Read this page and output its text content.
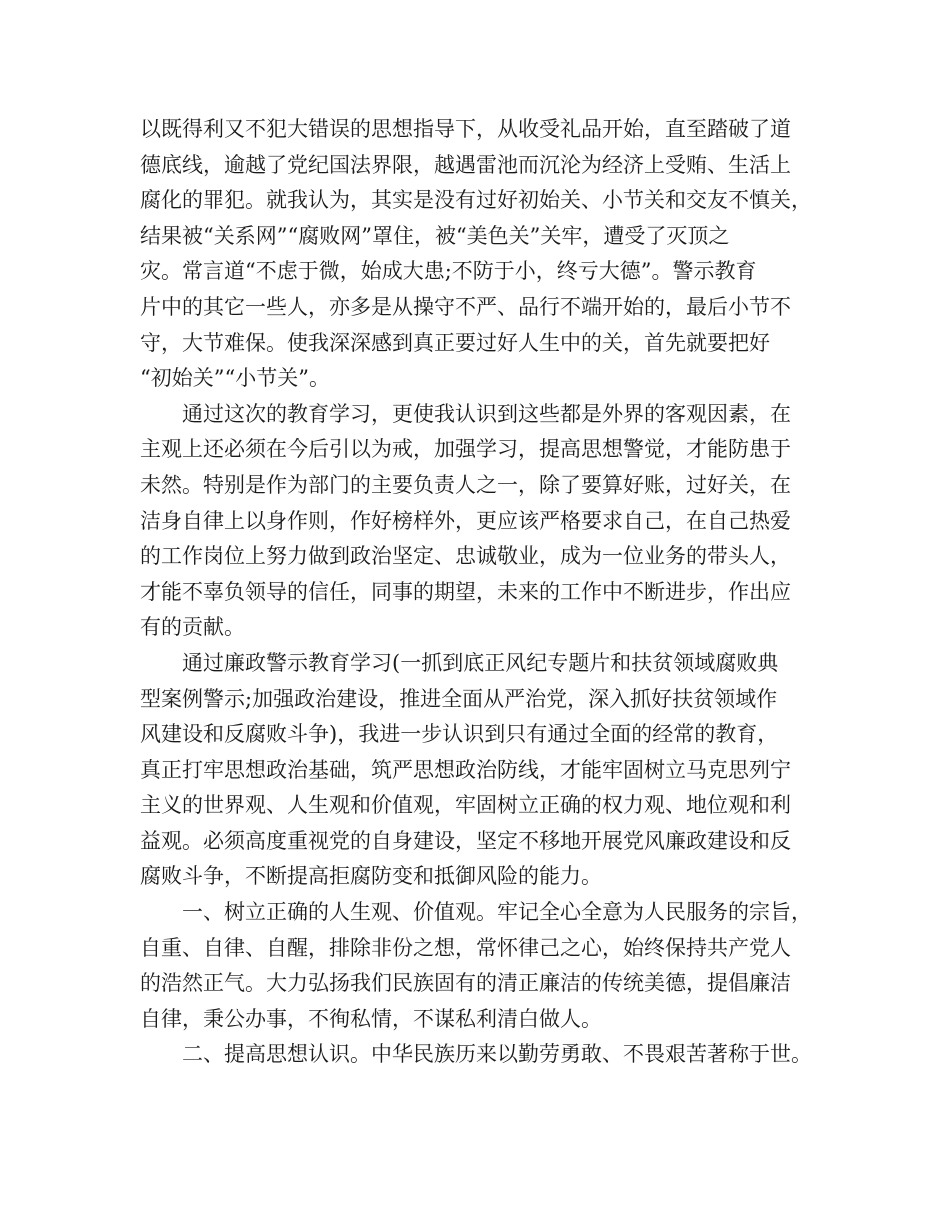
以既得利又不犯大错误的思想指导下，从收受礼品开始，直至踏破了道
德底线，逾越了党纪国法界限，越遇雷池而沉沦为经济上受贿、生活上
腐化的罪犯。就我认为，其实是没有过好初始关、小节关和交友不慎关，
结果被“关系网”“腐败网”罩住，被“美色关”关牢，遭受了灭顶之
灾。常言道“不虑于微，始成大患;不防于小，终亏大德”。警示教育
片中的其它一些人，亦多是从操守不严、品行不端开始的，最后小节不
守，大节难保。使我深深感到真正要过好人生中的关，首先就要把好
“初始关”“小节关”。
　　通过这次的教育学习，更使我认识到这些都是外界的客观因素，在
主观上还必须在今后引以为戒，加强学习，提高思想警觉，才能防患于
未然。特别是作为部门的主要负责人之一，除了要算好账，过好关，在
洁身自律上以身作则，作好榜样外，更应该严格要求自己，在自己热爱
的工作岗位上努力做到政治坚定、忠诚敬业，成为一位业务的带头人，
才能不辜负领导的信任，同事的期望，未来的工作中不断进步，作出应
有的贡献。
　　通过廉政警示教育学习(一抓到底正风纪专题片和扶贫领域腐败典
型案例警示;加强政治建设，推进全面从严治党，深入抓好扶贫领域作
风建设和反腐败斗争)，我进一步认识到只有通过全面的经常的教育，
真正打牢思想政治基础，筑严思想政治防线，才能牢固树立马克思列宁
主义的世界观、人生观和价值观，牢固树立正确的权力观、地位观和利
益观。必须高度重视党的自身建设，坚定不移地开展党风廉政建设和反
腐败斗争，不断提高拒腐防变和抵御风险的能力。
　　一、树立正确的人生观、价值观。牢记全心全意为人民服务的宗旨，
自重、自律、自醒，排除非份之想，常怀律己之心，始终保持共产党人
的浩然正气。大力弘扬我们民族固有的清正廉洁的传统美德，提倡廉洁
自律，秉公办事，不徇私情，不谋私利清白做人。
　　二、提高思想认识。中华民族历来以勤劳勇敢、不畏艰苦著称于世。
